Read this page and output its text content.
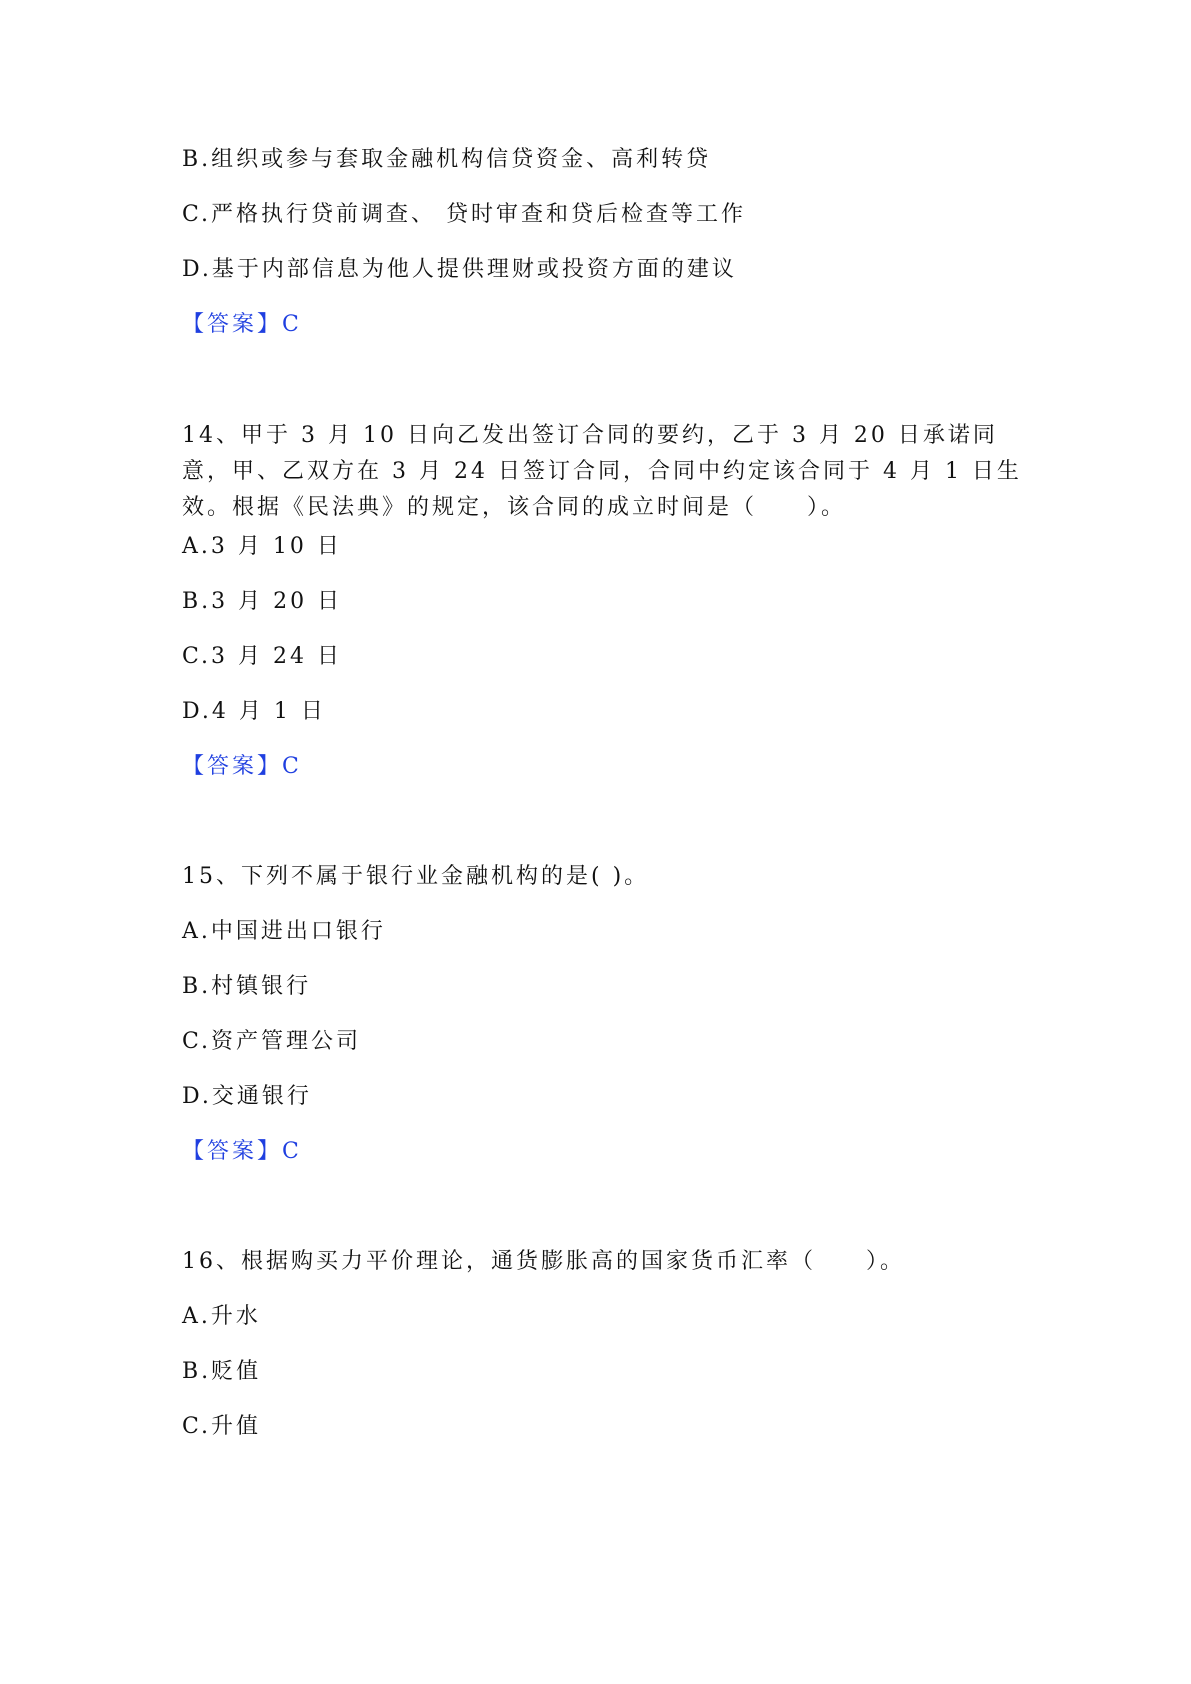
B.组织或参与套取金融机构信贷资金、高利转贷
C.严格执行贷前调查、 贷时审查和贷后检查等工作
D.基于内部信息为他人提供理财或投资方面的建议
【答案】C
14、甲于 3 月 10 日向乙发出签订合同的要约，乙于 3 月 20 日承诺同意，甲、乙双方在 3 月 24 日签订合同，合同中约定该合同于 4 月 1 日生效。根据《民法典》的规定，该合同的成立时间是（　　）。
A.3 月 10 日
B.3 月 20 日
C.3 月 24 日
D.4 月 1 日
【答案】C
15、下列不属于银行业金融机构的是( )。
A.中国进出口银行
B.村镇银行
C.资产管理公司
D.交通银行
【答案】C
16、根据购买力平价理论，通货膨胀高的国家货币汇率（　　）。
A.升水
B.贬值
C.升值
